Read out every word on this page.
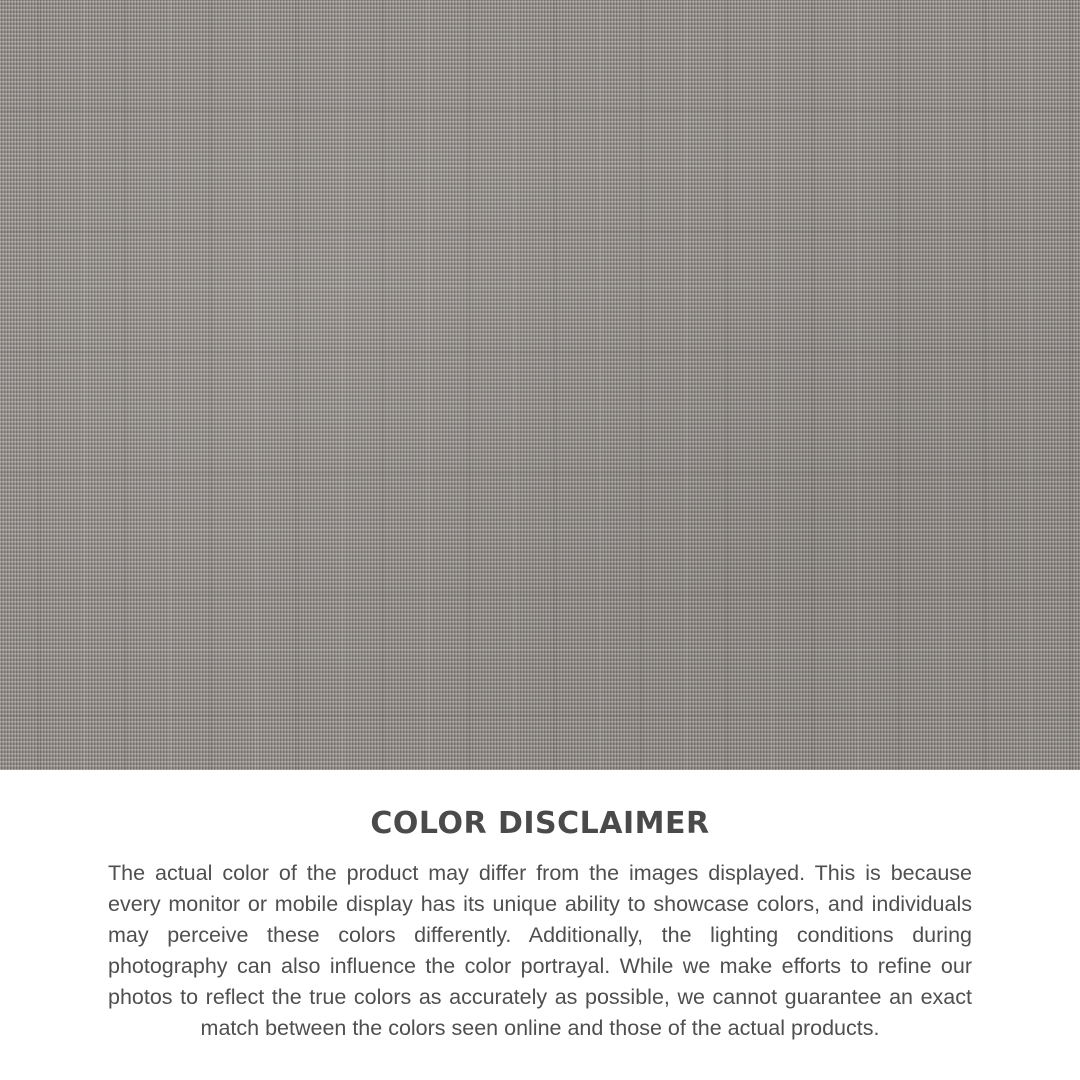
COLOR DISCLAIMER

The actual color of the product may differ from the images displayed. This is because every monitor or mobile display has its unique ability to showcase colors, and individuals may perceive these colors differently. Additionally, the lighting conditions during photography can also influence the color portrayal. While we make efforts to refine our photos to reflect the true colors as accurately as possible, we cannot guarantee an exact match between the colors seen online and those of the actual products.
